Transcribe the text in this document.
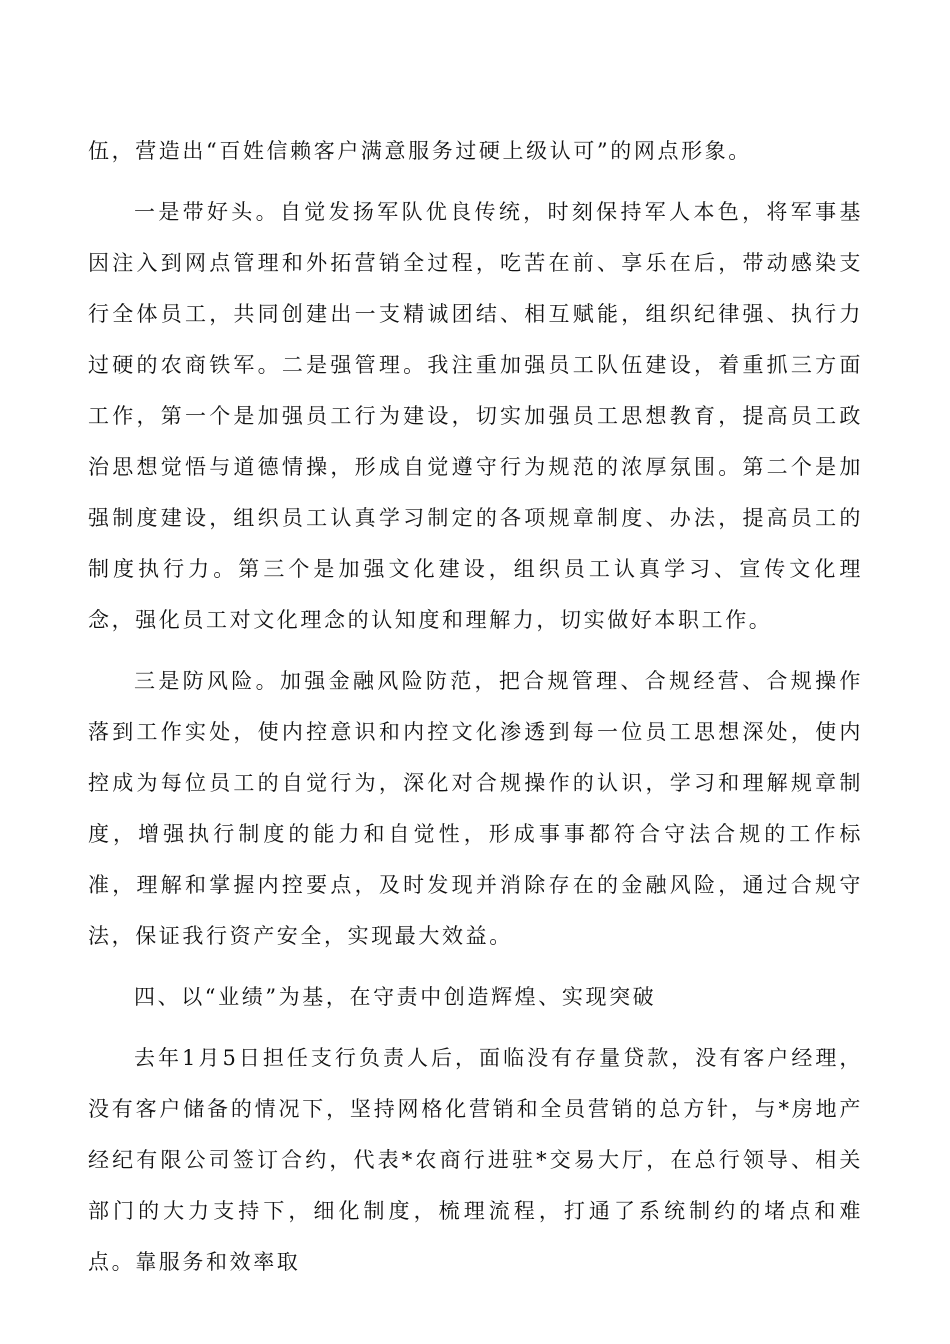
伍，营造出“百姓信赖客户满意服务过硬上级认可”的网点形象。

一是带好头。自觉发扬军队优良传统，时刻保持军人本色，将军事基因注入到网点管理和外拓营销全过程，吃苦在前、享乐在后，带动感染支行全体员工，共同创建出一支精诚团结、相互赋能，组织纪律强、执行力过硬的农商铁军。二是强管理。我注重加强员工队伍建设，着重抓三方面工作，第一个是加强员工行为建设，切实加强员工思想教育，提高员工政治思想觉悟与道德情操，形成自觉遵守行为规范的浓厚氛围。第二个是加强制度建设，组织员工认真学习制定的各项规章制度、办法，提高员工的制度执行力。第三个是加强文化建设，组织员工认真学习、宣传文化理念，强化员工对文化理念的认知度和理解力，切实做好本职工作。

三是防风险。加强金融风险防范，把合规管理、合规经营、合规操作落到工作实处，使内控意识和内控文化渗透到每一位员工思想深处，使内控成为每位员工的自觉行为，深化对合规操作的认识，学习和理解规章制度，增强执行制度的能力和自觉性，形成事事都符合守法合规的工作标准，理解和掌握内控要点，及时发现并消除存在的金融风险，通过合规守法，保证我行资产安全，实现最大效益。

四、以“业绩”为基，在守责中创造辉煌、实现突破

去年1月5日担任支行负责人后，面临没有存量贷款，没有客户经理，没有客户储备的情况下，坚持网格化营销和全员营销的总方针，与*房地产经纪有限公司签订合约，代表*农商行进驻*交易大厅，在总行领导、相关部门的大力支持下，细化制度，梳理流程，打通了系统制约的堵点和难点。靠服务和效率取
